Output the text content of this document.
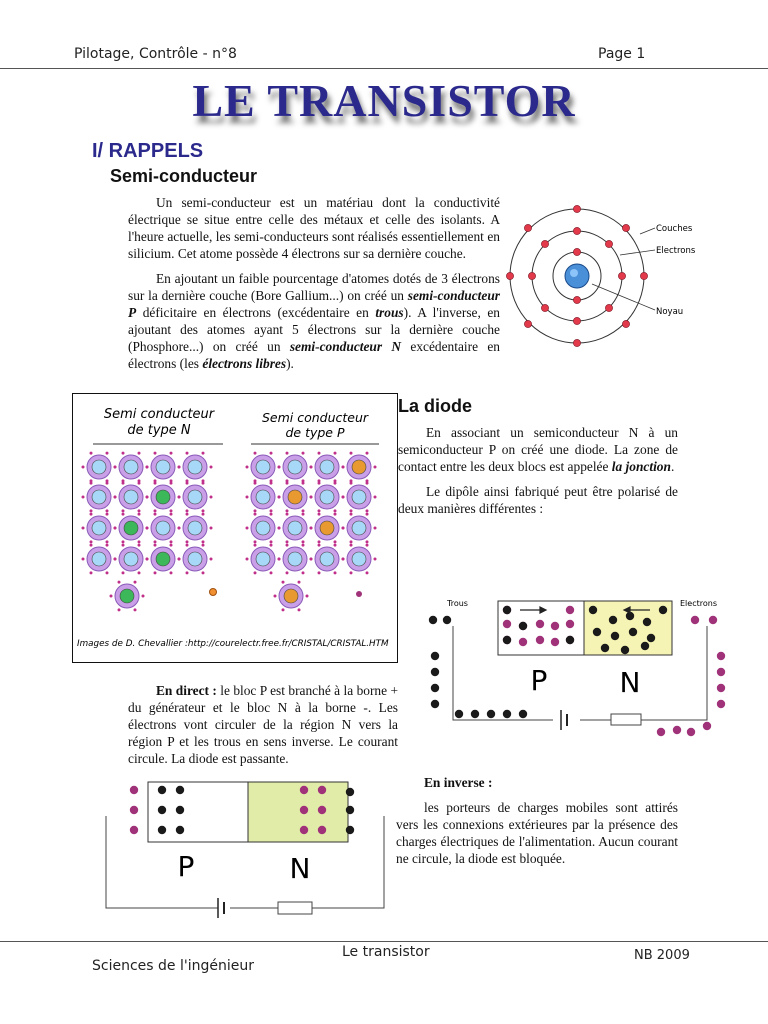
Pilotage, Contrôle - n°8	Page 1
LE TRANSISTOR
I/ RAPPELS
Semi-conducteur

Un semi-conducteur est un matériau dont la conductivité électrique se situe entre celle des métaux et celle des isolants. A l'heure actuelle, les semi-conducteurs sont réalisés essentiellement en silicium. Cet atome possède 4 électrons sur sa dernière couche.

En ajoutant un faible pourcentage d'atomes dotés de 3 électrons sur la dernière couche (Bore Gallium...) on créé un semi-conducteur P déficitaire en électrons (excédentaire en trous). A l'inverse, en ajoutant des atomes ayant 5 électrons sur la dernière couche (Phosphore...) on créé un semi-conducteur N excédentaire en électrons (les électrons libres).

Couches
Electrons
Noyau
Semi conducteur
de type N
Semi conducteur
de type P
Images de D. Chevallier :http://courelectr.free.fr/CRISTAL/CRISTAL.HTM
La diode

En associant un semiconducteur N à un semiconducteur P on créé une diode. La zone de contact entre les deux blocs est appelée la jonction.

Le dipôle ainsi fabriqué peut être polarisé de deux manières différentes :

Trous	Electrons
P	N

En direct : le bloc P est branché à la borne + du générateur et le bloc N à la borne -. Les électrons vont circuler de la région N vers la région P et les trous en sens inverse. Le courant circule. La diode est passante.

P	N

En inverse :

les porteurs de charges mobiles sont attirés vers les connexions extérieures par la présence des charges électriques de l'alimentation. Aucun courant ne circule, la diode est bloquée.

Le transistor
Sciences de l'ingénieur
NB 2009
